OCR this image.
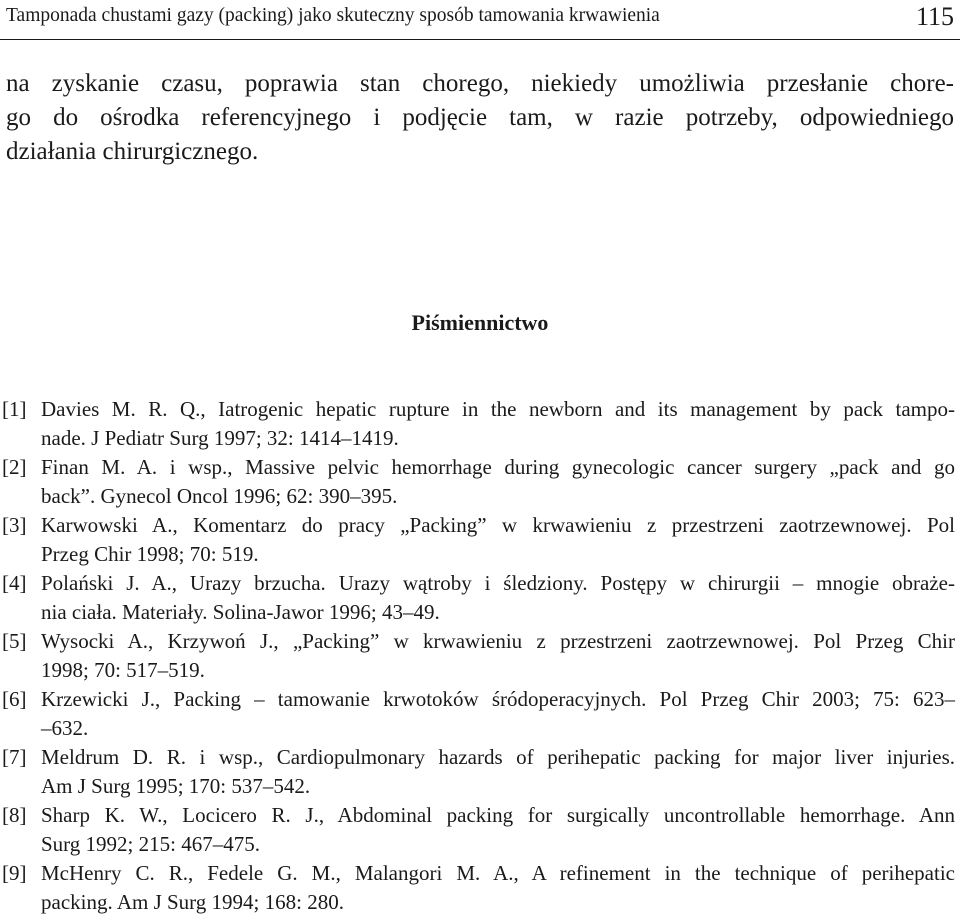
Tamponada chustami gazy (packing) jako skuteczny sposób tamowania krwawienia	115
na zyskanie czasu, poprawia stan chorego, niekiedy umożliwia przesłanie chore-
go do ośrodka referencyjnego i podjęcie tam, w razie potrzeby, odpowiedniego
działania chirurgicznego.
Piśmiennictwo
[1] Davies M. R. Q., Iatrogenic hepatic rupture in the newborn and its management by pack tampo-
nade. J Pediatr Surg 1997; 32: 1414–1419.
[2] Finan M. A. i wsp., Massive pelvic hemorrhage during gynecologic cancer surgery „pack and go
back”. Gynecol Oncol 1996; 62: 390–395.
[3] Karwowski A., Komentarz do pracy „Packing” w krwawieniu z przestrzeni zaotrzewnowej. Pol
Przeg Chir 1998; 70: 519.
[4] Polański J. A., Urazy brzucha. Urazy wątroby i śledziony. Postępy w chirurgii – mnogie obraże-
nia ciała. Materiały. Solina-Jawor 1996; 43–49.
[5] Wysocki A., Krzywoń J., „Packing” w krwawieniu z przestrzeni zaotrzewnowej. Pol Przeg Chir
1998; 70: 517–519.
[6] Krzewicki J., Packing – tamowanie krwotoków śródoperacyjnych. Pol Przeg Chir 2003; 75: 623–
–632.
[7] Meldrum D. R. i wsp., Cardiopulmonary hazards of perihepatic packing for major liver injuries.
Am J Surg 1995; 170: 537–542.
[8] Sharp K. W., Locicero R. J., Abdominal packing for surgically uncontrollable hemorrhage. Ann
Surg 1992; 215: 467–475.
[9] McHenry C. R., Fedele G. M., Malangori M. A., A refinement in the technique of perihepatic
packing. Am J Surg 1994; 168: 280.
